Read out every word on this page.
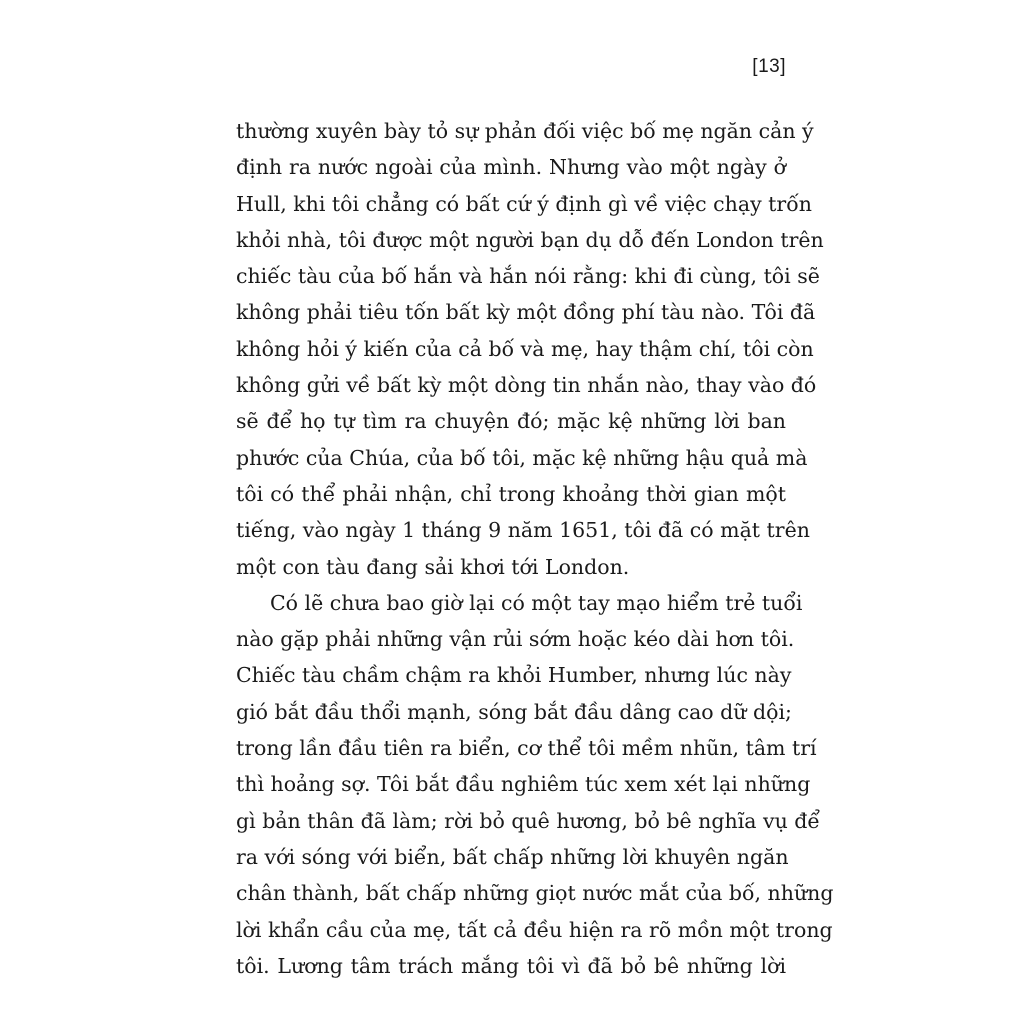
[13]
thường xuyên bày tỏ sự phản đối việc bố mẹ ngăn cản ý
định ra nước ngoài của mình. Nhưng vào một ngày ở
Hull, khi tôi chẳng có bất cứ ý định gì về việc chạy trốn
khỏi nhà, tôi được một người bạn dụ dỗ đến London trên
chiếc tàu của bố hắn và hắn nói rằng: khi đi cùng, tôi sẽ
không phải tiêu tốn bất kỳ một đồng phí tàu nào. Tôi đã
không hỏi ý kiến của cả bố và mẹ, hay thậm chí, tôi còn
không gửi về bất kỳ một dòng tin nhắn nào, thay vào đó
sẽ để họ tự tìm ra chuyện đó; mặc kệ những lời ban
phước của Chúa, của bố tôi, mặc kệ những hậu quả mà
tôi có thể phải nhận, chỉ trong khoảng thời gian một
tiếng, vào ngày 1 tháng 9 năm 1651, tôi đã có mặt trên
một con tàu đang sải khơi tới London.
Có lẽ chưa bao giờ lại có một tay mạo hiểm trẻ tuổi
nào gặp phải những vận rủi sớm hoặc kéo dài hơn tôi.
Chiếc tàu chầm chậm ra khỏi Humber, nhưng lúc này
gió bắt đầu thổi mạnh, sóng bắt đầu dâng cao dữ dội;
trong lần đầu tiên ra biển, cơ thể tôi mềm nhũn, tâm trí
thì hoảng sợ. Tôi bắt đầu nghiêm túc xem xét lại những
gì bản thân đã làm; rời bỏ quê hương, bỏ bê nghĩa vụ để
ra với sóng với biển, bất chấp những lời khuyên ngăn
chân thành, bất chấp những giọt nước mắt của bố, những
lời khẩn cầu của mẹ, tất cả đều hiện ra rõ mồn một trong
tôi. Lương tâm trách mắng tôi vì đã bỏ bê những lời
